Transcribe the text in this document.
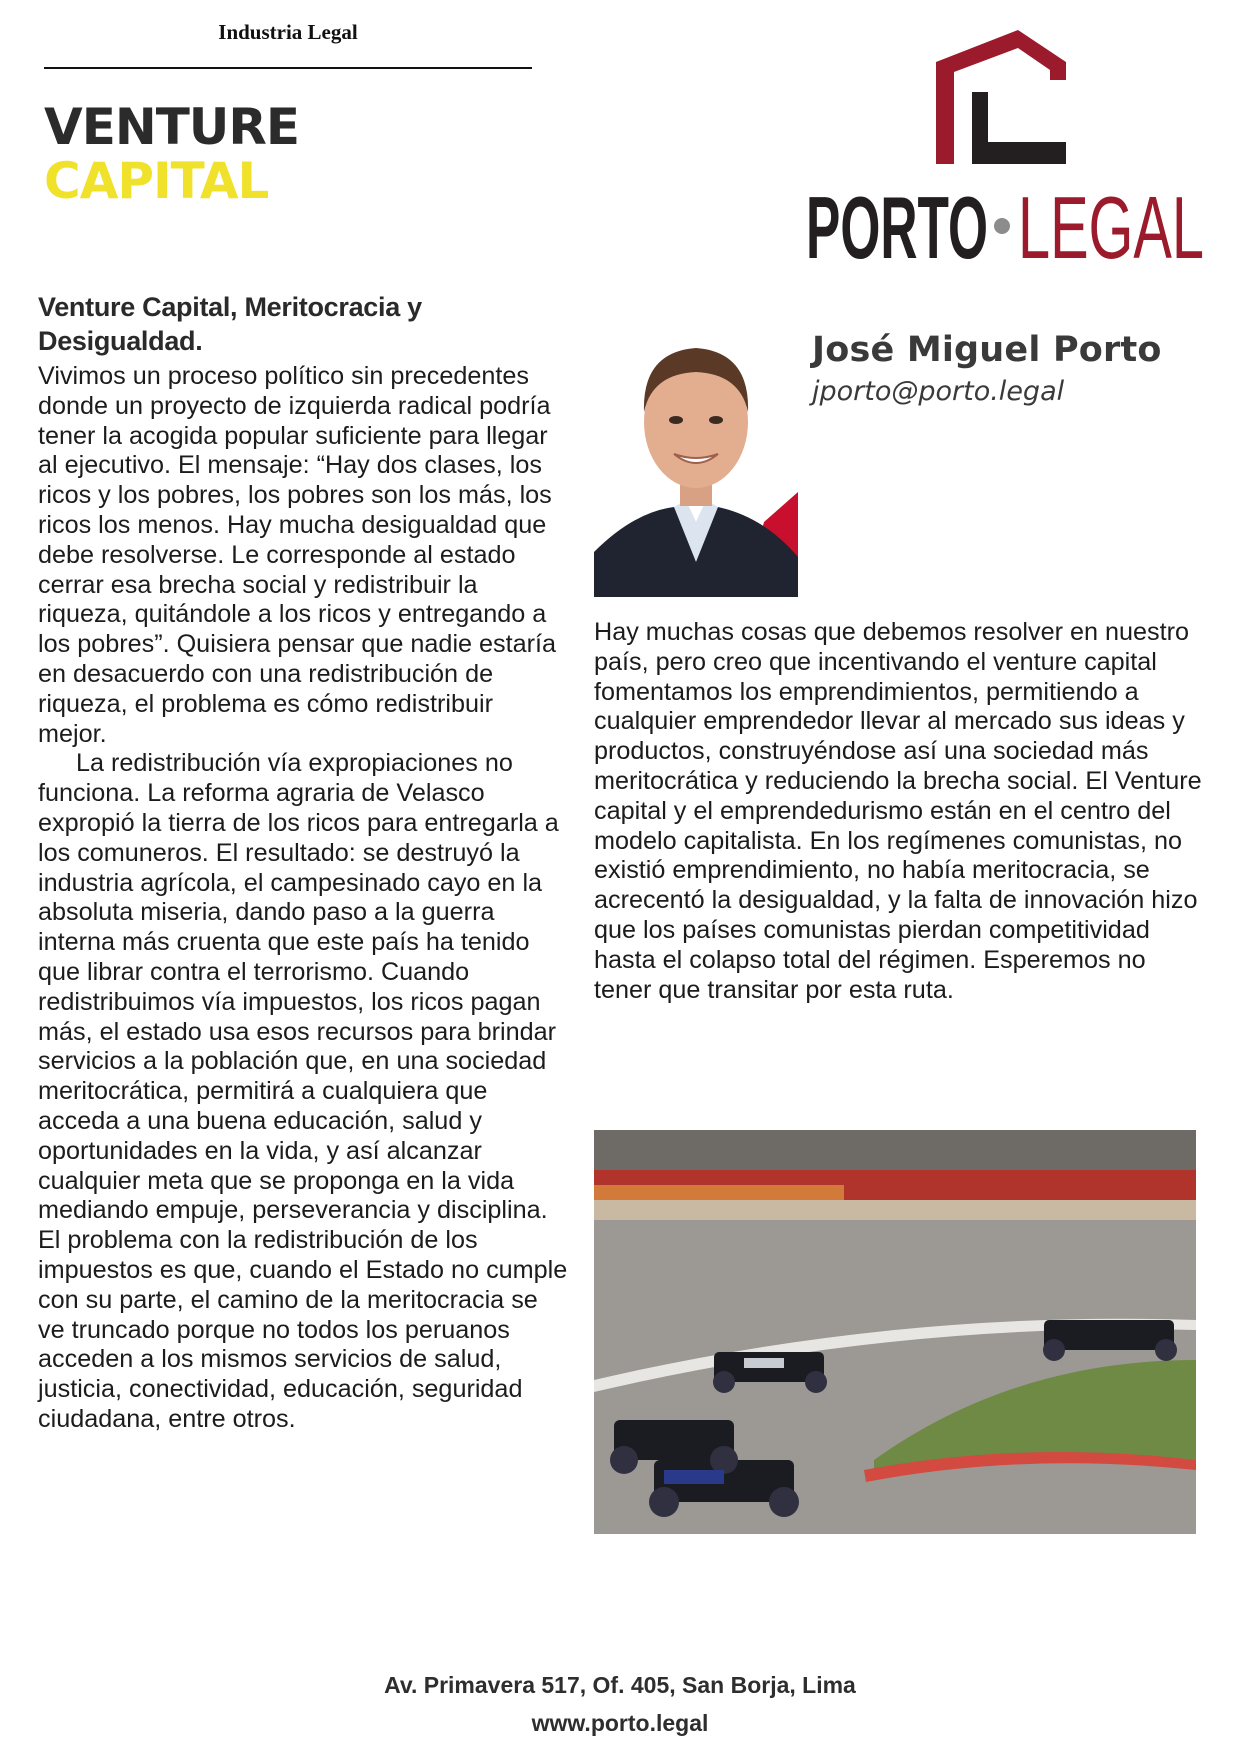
Industria Legal
VENTURE
CAPITAL	PORTO LEGAL
Venture Capital, Meritocracia y Desigualdad.

Vivimos un proceso político sin precedentes donde un proyecto de izquierda radical podría tener la acogida popular suficiente para llegar al ejecutivo. El mensaje: “Hay dos clases, los ricos y los pobres, los pobres son los más, los ricos los menos. Hay mucha desigualdad que debe resolverse. Le corresponde al estado cerrar esa brecha social y redistribuir la riqueza, quitándole a los ricos y entregando a los pobres”. Quisiera pensar que nadie estaría en desacuerdo con una redistribución de riqueza, el problema es cómo redistribuir mejor.

La redistribución vía expropiaciones no funciona. La reforma agraria de Velasco expropió la tierra de los ricos para entregarla a los comuneros. El resultado: se destruyó la industria agrícola, el campesinado cayo en la absoluta miseria, dando paso a la guerra interna más cruenta que este país ha tenido que librar contra el terrorismo. Cuando redistribuimos vía impuestos, los ricos pagan más, el estado usa esos recursos para brindar servicios a la población que, en una sociedad meritocrática, permitirá a cualquiera que acceda a una buena educación, salud y oportunidades en la vida, y así alcanzar cualquier meta que se proponga en la vida mediando empuje, perseverancia y disciplina. El problema con la redistribución de los impuestos es que, cuando el Estado no cumple con su parte, el camino de la meritocracia se ve truncado porque no todos los peruanos acceden a los mismos servicios de salud, justicia, conectividad, educación, seguridad ciudadana, entre otros.

José Miguel Porto
jporto@porto.legal

Hay muchas cosas que debemos resolver en nuestro país, pero creo que incentivando el venture capital fomentamos los emprendimientos, permitiendo a cualquier emprendedor llevar al mercado sus ideas y productos, construyéndose así una sociedad más meritocrática y reduciendo la brecha social. El Venture capital y el emprendedurismo están en el centro del modelo capitalista. En los regímenes comunistas, no existió emprendimiento, no había meritocracia, se acrecentó la desigualdad, y la falta de innovación hizo que los países comunistas pierdan competitividad hasta el colapso total del régimen. Esperemos no tener que transitar por esta ruta.

Av. Primavera 517, Of. 405, San Borja, Lima
www.porto.legal
